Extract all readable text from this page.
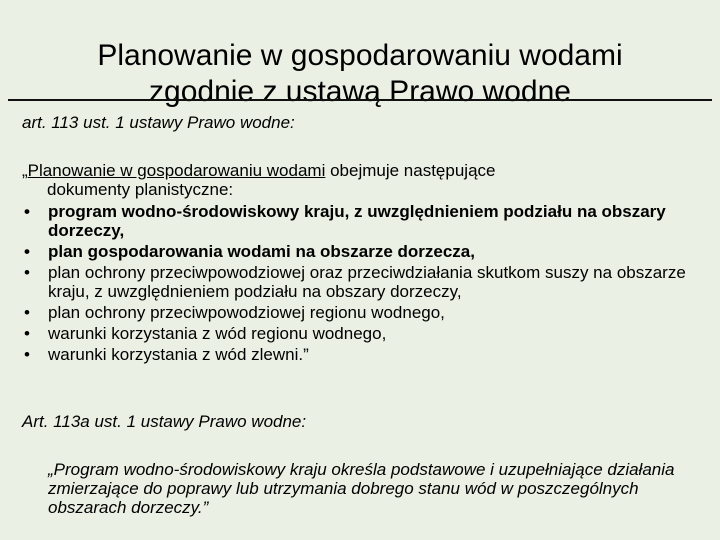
Planowanie w gospodarowaniu wodami
zgodnie z ustawą Prawo wodne
art. 113 ust. 1 ustawy Prawo wodne:

„Planowanie w gospodarowaniu wodami obejmuje następujące
dokumenty planistyczne:

• program wodno-środowiskowy kraju, z uwzględnieniem podziału na obszary dorzeczy,
• plan gospodarowania wodami na obszarze dorzecza,
• plan ochrony przeciwpowodziowej oraz przeciwdziałania skutkom suszy na obszarze kraju, z uwzględnieniem podziału na obszary dorzeczy,
• plan ochrony przeciwpowodziowej regionu wodnego,
• warunki korzystania z wód regionu wodnego,
• warunki korzystania z wód zlewni.”
Art. 113a ust. 1 ustawy Prawo wodne:

„Program wodno-środowiskowy kraju określa podstawowe i uzupełniające działania zmierzające do poprawy lub utrzymania dobrego stanu wód w poszczególnych obszarach dorzeczy.”
